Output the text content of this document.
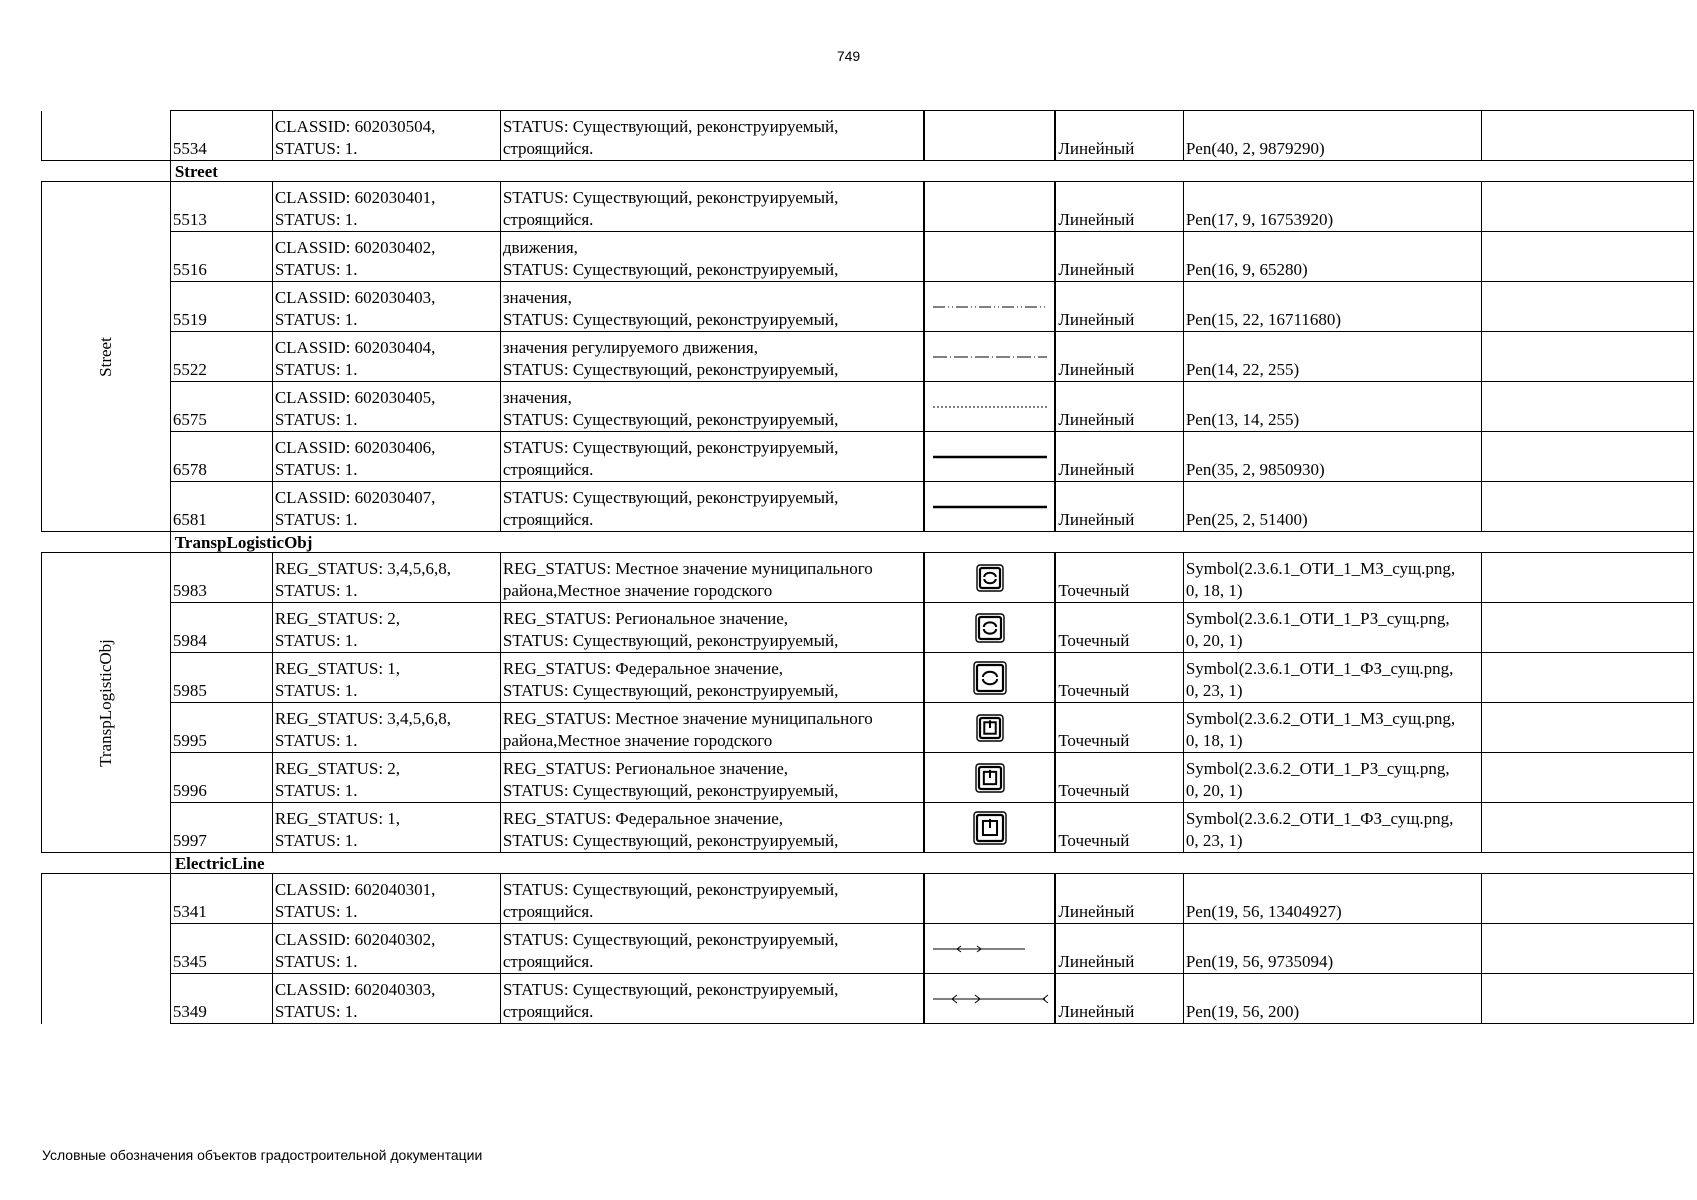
749
	5534	CLASSID: 602030504,
STATUS: 1.	STATUS: Существующий, реконструируемый,
строящийся.		Линейный	Pen(40, 2, 9879290)	
	Street						
Street	5513	CLASSID: 602030401,
STATUS: 1.	STATUS: Существующий, реконструируемый,
строящийся.		Линейный	Pen(17, 9, 16753920)	
	5516	CLASSID: 602030402,
STATUS: 1.	движения,
STATUS: Существующий, реконструируемый,		Линейный	Pen(16, 9, 65280)	
	5519	CLASSID: 602030403,
STATUS: 1.	значения,
STATUS: Существующий, реконструируемый,		Линейный	Pen(15, 22, 16711680)	
	5522	CLASSID: 602030404,
STATUS: 1.	значения регулируемого движения,
STATUS: Существующий, реконструируемый,		Линейный	Pen(14, 22, 255)	
	6575	CLASSID: 602030405,
STATUS: 1.	значения,
STATUS: Существующий, реконструируемый,		Линейный	Pen(13, 14, 255)	
	6578	CLASSID: 602030406,
STATUS: 1.	STATUS: Существующий, реконструируемый,
строящийся.		Линейный	Pen(35, 2, 9850930)	
	6581	CLASSID: 602030407,
STATUS: 1.	STATUS: Существующий, реконструируемый,
строящийся.		Линейный	Pen(25, 2, 51400)	
	TranspLogisticObj						
TranspLogisticObj	5983	REG_STATUS: 3,4,5,6,8,
STATUS: 1.	REG_STATUS: Местное значение муниципального
района,Местное значение городского		Точечный	Symbol(2.3.6.1_ОТИ_1_МЗ_сущ.png,
0, 18, 1)	
	5984	REG_STATUS: 2,
STATUS: 1.	REG_STATUS: Региональное значение,
STATUS: Существующий, реконструируемый,		Точечный	Symbol(2.3.6.1_ОТИ_1_РЗ_сущ.png,
0, 20, 1)	
	5985	REG_STATUS: 1,
STATUS: 1.	REG_STATUS: Федеральное значение,
STATUS: Существующий, реконструируемый,		Точечный	Symbol(2.3.6.1_ОТИ_1_ФЗ_сущ.png,
0, 23, 1)	
	5995	REG_STATUS: 3,4,5,6,8,
STATUS: 1.	REG_STATUS: Местное значение муниципального
района,Местное значение городского		Точечный	Symbol(2.3.6.2_ОТИ_1_МЗ_сущ.png,
0, 18, 1)	
	5996	REG_STATUS: 2,
STATUS: 1.	REG_STATUS: Региональное значение,
STATUS: Существующий, реконструируемый,		Точечный	Symbol(2.3.6.2_ОТИ_1_РЗ_сущ.png,
0, 20, 1)	
	5997	REG_STATUS: 1,
STATUS: 1.	REG_STATUS: Федеральное значение,
STATUS: Существующий, реконструируемый,		Точечный	Symbol(2.3.6.2_ОТИ_1_ФЗ_сущ.png,
0, 23, 1)	
	ElectricLine						
	5341	CLASSID: 602040301,
STATUS: 1.	STATUS: Существующий, реконструируемый,
строящийся.		Линейный	Pen(19, 56, 13404927)	
	5345	CLASSID: 602040302,
STATUS: 1.	STATUS: Существующий, реконструируемый,
строящийся.		Линейный	Pen(19, 56, 9735094)	
	5349	CLASSID: 602040303,
STATUS: 1.	STATUS: Существующий, реконструируемый,
строящийся.		Линейный	Pen(19, 56, 200)	
Условные обозначения объектов градостроительной документации
